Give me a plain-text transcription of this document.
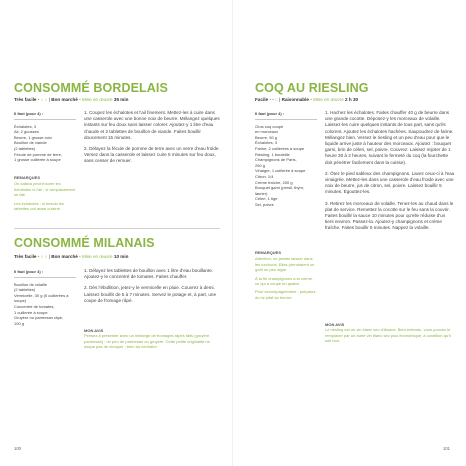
CONSOMMÉ BORDELAIS
Très facile • ○ ○ | Bon marché • Mise en œuvre 35 min
Il faut (pour 4) :
Échalotes, 3
Ail, 2 gousses
Beurre, 1 grosse noix
Bouillon de viande
(2 tablettes)
Fécule de pomme de terre,
1 grosse cuillerée à soupe
REMARQUES

On saisira peut trouver les échalotes ni l'ail : le remplacement se fait.

Les échalotes : si besoin les tablettes ont aussi cuisiné.

1. Coupez les échalotes et l'ail finement. Mettez-les à cuire dans une casserole avec une bonne noix de beurre. Mélangez quelques instants sur feu doux sans laisser colorer. Ajoutez-y 1 litre d'eau chaude et 2 tablettes de bouillon de viande. Faites bouillir doucement 15 minutes.

2. Délayez la fécule de pomme de terre avec un verre d'eau froide. Versez dans la casserole et laissez cuire 5 minutes sur feu doux, sans cesser de remuer.

CONSOMMÉ MILANAIS
Très facile • ○ ○ | Bon marché • Mise en œuvre 10 min
Il faut (pour 4) :
Bouillon de volaille
(2 tablettes)
Vermicelle, 30 g (5 cuillerées à soupe)
Concentré de tomates,
1 cuillerée à soupe
Gruyère ou parmesan râpé,
100 g

1. Délayez les tablettes de bouillon avec 1 litre d'eau bouillante. Ajoutez-y le concentré de tomates. Faites chauffer.

2. Dès l'ébullition, jetez-y le vermicelle en pluie. Couvrez à demi. Laissez bouillir de 5 à 7 minutes. Servez le potage et, à part, une coupe de fromage râpé.

MON AVIS
Pensez à présenter avec un mélange de fromages râpés faits (gruyère, parmesan) : un peu de parmesan ou gruyère. Cette petite originalité ne risque pas de choquer ; bien au contraire.
100
COQ AU RIESLING
Facile • • ○ | Raisonnable • Mise en œuvre 2 h 30
Il faut (pour 4) :
Gros coq coupé
en morceaux
Beurre, 50 g
Échalotes, 3
Farine, 2 cuillerées à soupe
Riesling, 1 bouteille
Champignons de Paris,
250 g
Vinaigre, 1 cuillerée à soupe
Citron, 1/4
Crème fraîche, 200 g
Bouquet garni (persil, thym,
laurier)
Céleri, 1 tige
Sel, poivre
REMARQUES

Attention, ne jamais laisser dans les torchons. Elles prendraient un goût un peu aigre.

À la fin champignons à la crème, ce qui a coupé en quatre.

Pour accompagnement : préparez du riz pilaf au beurre.

1. Hachez les échalotes. Faites chauffer 40 g de beurre dans une grande cocotte. Déposez-y les morceaux de volaille. Laissez-les cuire quelques instants de tous part, sans qu'ils colorent. Ajoutez les échalotes hachées. Saupoudrez de farine. Mélangez bien. Versez le riesling et un peu d'eau pour que le liquide arrive juste à hauteur des morceaux. Ajoutez : bouquet garni, brin de céleri, sel, poivre. Couvrez. Laissez mijoter de 1 heure 30 à 2 heures, suivant le fermeté du coq (la fourchette doit pénétrer facilement dans la cuisse).

2. Ôtez le pied sableux des champignons. Lavez ceux-ci à l'eau vinaigrée. Mettez-les dans une casserole d'eau froide avec une noix de beurre, jus de citron, sel, poivre. Laissez bouillir 5 minutes. Égouttez-les.

3. Retirez les morceaux de volaille. Tenez-les au chaud dans le plat de service. Remettez la cocotte sur le feu sans la couvrir. Faites bouillir la sauce 10 minutes pour qu'elle réduise d'un tiers environ. Passez-la. Ajoutez-y champignons et crème fraîche. Faites bouillir 5 minutes. Nappez la volaille.

MON AVIS
Le riesling est un vin blanc sec d'Alsace. Bien entendu, vous pouvez le remplacer par un autre vin blanc sec plus économique, à condition qu'il soit bon.
101
